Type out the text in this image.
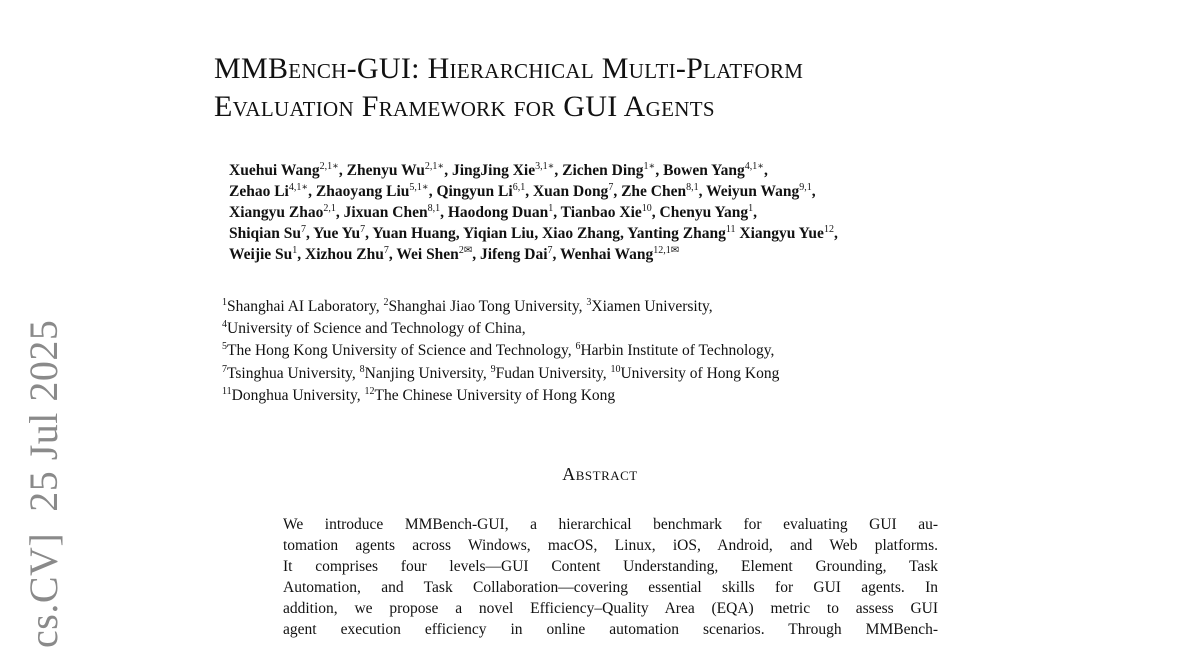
cs.CV]  25 Jul 2025
MMBench-GUI: Hierarchical Multi-Platform
Evaluation Framework for GUI Agents
Xuehui Wang$^{2,1∗}$, Zhenyu $Wu^{2,1∗}$, JingJing Xie$^{3,1∗}$, Zichen Ding$^{1∗}$, Bowen Yang$^{4,1∗}$,
Zehao $Li^{4,1∗}$, Zhaoyang Liu$^{5,1∗}$, Qingyun Li$^{6,1}$, Xuan Dong$^7$, Zhe Chen$^{8,1}$, Weiyun Wang$^{9,1}$,
Xiangyu Zhao$^{2,1}$, Jixuan Chen$^{8,1}$, Haodong Duan$^1$, Tianbao Xie$^{10}$, Chenyu Yang$^1$,
Shiqian Su$^7$, Yue Yu$^7$, Yuan Huang, Yiqian Liu, Xiao Zhang, Yanting Zhang$^{11}$ Xiangyu Yue$^{12}$,
Weijie Su$^1$, Xizhou Zhu$^7$, Wei Shen$^{2✉}$, Jifeng Dai$^7$, Wenhai Wang$^{12,1✉}$
$^1$Shanghai AI Laboratory, $^2$Shanghai Jiao Tong University, $^3$Xiamen University,
$^4$University of Science and Technology of China,
$^5$The Hong Kong University of Science and Technology, $^6$Harbin Institute of Technology,
$^7$Tsinghua University, $^8$Nanjing University, $^9$Fudan University, $^{10}$University of Hong Kong
$^{11}$Donghua University, $^{12}$The Chinese University of Hong Kong
Abstract
We introduce MMBench-GUI, a hierarchical benchmark for evaluating GUI au-
tomation agents across Windows, macOS, Linux, iOS, Android, and Web platforms.
It comprises four levels—GUI Content Understanding, Element Grounding, Task
Automation, and Task Collaboration—covering essential skills for GUI agents. In
addition, we propose a novel Efficiency–Quality Area (EQA) metric to assess GUI
agent execution efficiency in online automation scenarios. Through MMBench-
